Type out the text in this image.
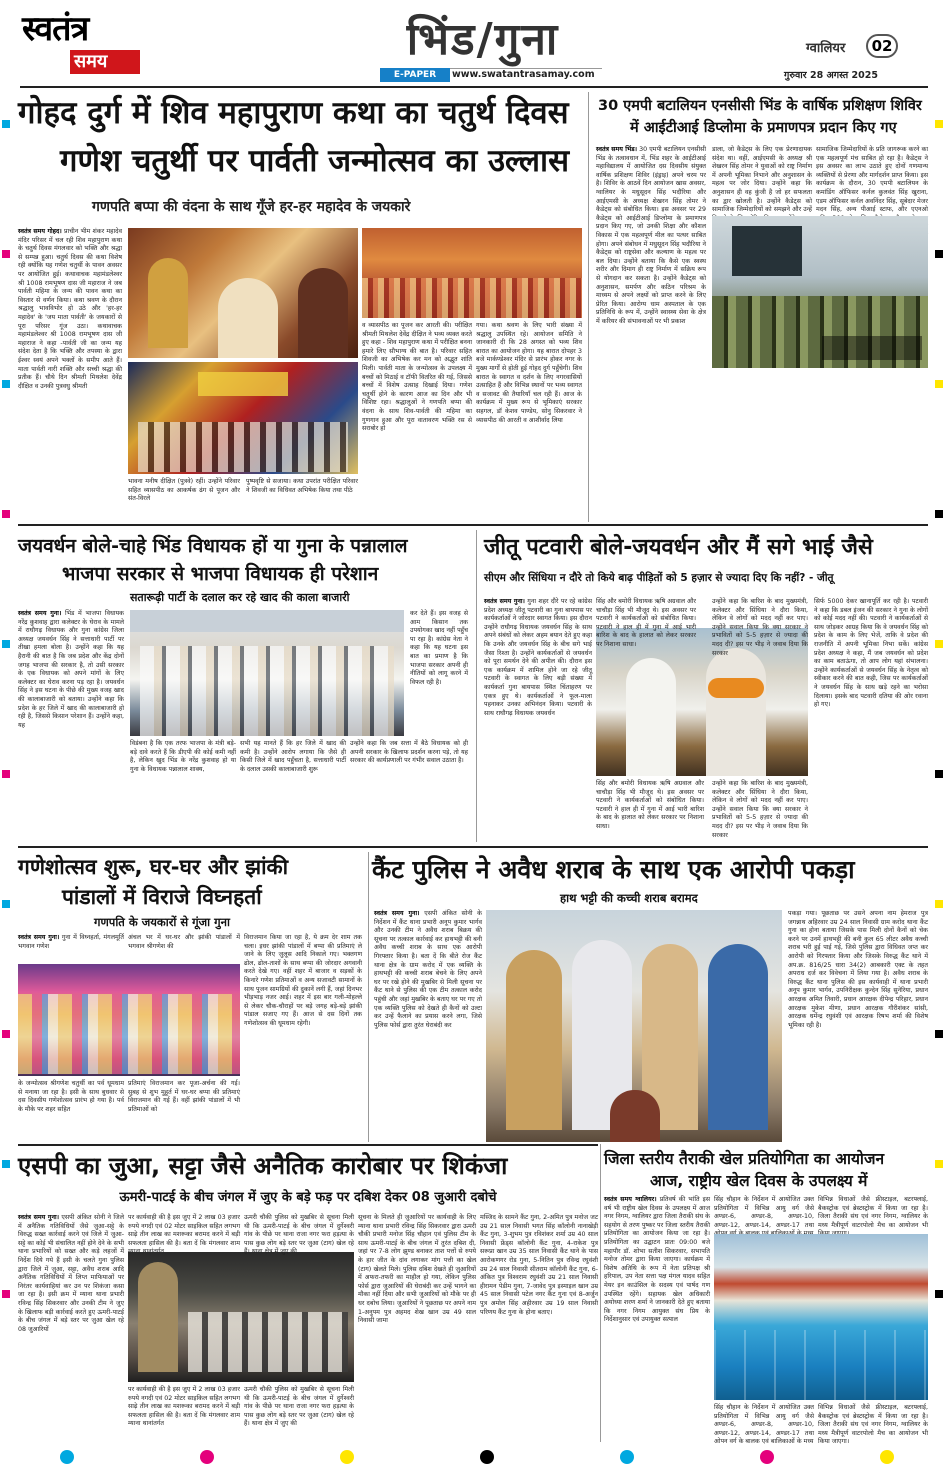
स्वतंत्र
समय	भिंड/गुना
E-PAPER	www.swatantrasamay.com
ग्वालियर	02
गुरुवार 28 अगस्त 2025
गोहद दुर्ग में शिव महापुराण कथा का चतुर्थ दिवस
गणेश चतुर्थी पर पार्वती जन्मोत्सव का उल्लास
गणपति बप्पा की वंदना के साथ गूँजे हर-हर महादेव के जयकारे
स्वतंत्र समय गोहद। प्राचीन भीम शंकर महादेव मंदिर परिसर में चल रही शिव महापुराण कथा के चतुर्थ दिवस मंगलवार को भक्ति और श्रद्धा से सम्पन्न हुआ। चतुर्थ दिवस की कथा विशेष रही क्योंकि यह गणेश चतुर्थी के पावन अवसर पर आयोजित हुई। कथावाचक महामंडलेश्वर श्री 1008 रामभूषण दास जी महाराज ने जब पार्वती महिमा के जन्म की पावन कथा का विस्तार से वर्णन किया। कथा श्रवण के दौरान श्रद्धालु भावविभोर हो उठे और 'हर-हर महादेव' के 'जय माता पार्वती' के जयकारों से पूरा परिसर गूंज उठा। कथावाचक महामंडलेश्वर श्री 1008 रामभूषण दास जी महाराज ने कहा -पार्वती जी का जन्म यह संदेश देता है कि भक्ति और तपस्या के द्वारा ईश्वर स्वयं अपने भक्तों के समीप आते हैं। माता पार्वती नारी शक्ति और सच्ची श्रद्धा की प्रतीक हैं। चौथे दिन श्रीमती मिथलेश देवेंद्र दीक्षित व उनकी पुत्रवधु श्रीमती
भावना मनीष दीक्षित (पुत्रवे) रहीं। उन्होंने परिवार सहित व्यासपीठ का आकर्षक ढंग से पूजन और संत-विरले
पुष्पवृष्टि से सजाया। कथा उपरांत परीक्षित परिवार ने शिवजी का विधिवत अभिषेक किया तथा पीठे
व व्यासपीठ का पूजन कर आरती की। परीक्षित श्रीमती मिथलेश देवेंद्र दीक्षित ने भव्य व्यक्त करते हुए कहा - शिव महापुराण कथा में परीक्षित बनना हमारे लिए सौभाग्य की बात है। परिवार सहित शिवजी का अभिषेक कर मन को अद्भुत शांति मिली। पार्वती माता के जन्मोत्सव के उपलक्ष्य में बच्चों को मिठाई व टॉफी वितरित की गई, जिससे बच्चों में विशेष उत्साह दिखाई दिया। गणेश चतुर्थी होने के कारण आज का दिन और भी विशिष्ट रहा। श्रद्धालुओं ने गणपति बप्पा की वंदना के साथ शिव-पार्वती की महिमा का गुणगान हुआ और पूरा वातावरण भक्ति रस से सराबोर हो
गया। कथा श्रवण के लिए भारी संख्या में श्रद्धालु उपस्थित रहे। आयोजन समिति ने जानकारी दी कि 28 अगस्त को भव्य शिव बारात का आयोजन होगा। यह बारात दोपहर 3 बजे मार्कण्डेश्वर मंदिर से प्रारंभ होकर नगर के मुख्य मार्गों से होती हुई गोहद दुर्ग पहुँचेगी। शिव बारात के स्वागत व दर्शन के लिए नगरवासियों उत्साहित हैं और विभिन्न स्थानों पर भव्य स्वागत व सजावट की तैयारियाँ चल रही हैं। आज के कार्यक्रम में मुख्य रूप से भूमिकाएं सरकार सहगल, डॉ केशव पाण्डेय, सोनु सिकरवार ने व्यासपीठ की आरती व आशीर्वाद लिया
30 एमपी बटालियन एनसीसी भिंड के वार्षिक प्रशिक्षण शिविर
में आईटीआई डिप्लोमा के प्रमाणपत्र प्रदान किए गए
स्वतंत्र समय भिंड। 30 एमपी बटालियन एनसीसी भिंड के तत्वावधान में, भिंड शहर के आईटीआई महाविद्यालय में आयोजित दस दिवसीय संयुक्त वार्षिक प्रशिक्षण शिविर (इंड्राइ) अपने चरम पर है। शिविर के आठवें दिन आयोजन खास अवसर, ग्वालियर के मधुसूदन सिंह भदौरिया और आईएमसी के अध्यक्ष शेखरन सिंह तोमर ने कैडेट्स को संबोधित किया। इस अवसर पर 29 कैडेट्स को आईटीआई डिप्लोमा के प्रमाणपत्र प्रदान किए गए, जो उनकी शिक्षा और कौशल विकास में एक महत्वपूर्ण मील का पत्थर साबित होगा। अपने संबोधन में मधुसूदन सिंह भदौरिया ने कैडेट्स को राष्ट्रसेवा और कल्याण के महत्व पर बल दिया। उन्होंने बताया कि कैसे एक स्वस्थ शरीर और दिमाग ही राष्ट्र निर्माण में सक्रिय रूप से योगदान कर सकता है। उन्होंने कैडेट्स को अनुशासन, समर्पण और कठिन परिश्रम के माध्यम से अपने लक्ष्यों को प्राप्त करने के लिए प्रेरित किया। आरोग्य धाम अस्पताल के एक प्रतिनिधि के रूप में, उन्होंने स्वास्थ्य सेवा के क्षेत्र में करियर की संभावनाओं पर भी प्रकाश
डाला, जो कैडेट्स के लिए एक प्रेरणादायक संदेश था। वहीं, आईएमसी के अध्यक्ष श्री शेखरन सिंह तोमर ने युवाओं को राष्ट्र निर्माण में अपनी भूमिका निभाने और अनुशासन के महत्व पर जोर दिया। उन्होंने कहा कि अनुशासन ही वह कुंजी है जो हर सफलता का द्वार खोलती है। उन्होंने कैडेट्स को सामाजिक जिम्मेदारियों को समझने और उन्हें
सामाजिक जिम्मेदारियों के प्रति जागरूक करने का एक महत्वपूर्ण मंच साबित हो रहा है। कैडेट्स ने इस अवसर का लाभ उठाते हुए दोनों गणमान्य व्यक्तियों से प्रेरणा और मार्गदर्शन प्राप्त किया। इस कार्यक्रम के दौरान, 30 एमपी बटालियन के कमांडिंग ऑफिसर कर्नल कुलवंत सिंह खुराना, एडम ऑफिसर कर्नल अवनिंदर सिंह, सूबेदार मेजर मदन सिंह, अन्य पीआई स्टाफ, और एएनओ
जयवर्धन बोले-चाहे भिंड विधायक हों या गुना के पन्नालाल
भाजपा सरकार से भाजपा विधायक ही परेशान
सतारूढ़ी पार्टी के दलाल कर रहे खाद की काला बाजारी
स्वतंत्र समय गुना। भिंड में भाजपा विधायक नरेंद्र कुशवाह द्वारा कलेक्टर के घेराव के मामले में राघौगढ़ विधायक और गुना कांग्रेस जिला अध्यक्ष जयवर्धन सिंह ने सत्ताधारी पार्टी पर तीखा हमला बोला है। उन्होंने कहा कि यह हैरानी की बात है कि जब प्रदेश और केंद्र दोनों जगह भाजपा की सरकार है, तो उसी सरकार के एक विधायक को अपने मांगों के लिए कलेक्टर का घेराव करना पड़ रहा है। जयवर्धन सिंह ने इस घटना के पीछे की मुख्य वजह खाद की कालाबाजारी को बताया। उन्होंने कहा कि प्रदेश के हर जिले में खाद की कालाबाजारी हो रही है, जिससे किसान परेशान हैं। उन्होंने कहा, यह
विडंबना है कि एक तरफ भाजपा के मंत्री बड़े-बड़े दावे करते हैं कि डीएपी की कोई कमी नहीं है, लेकिन खुद भिंड के नरेंद्र कुशवाह हो या गुना के विधायक पन्नालाल शाक्य,
सभी यह मानते हैं कि हर जिले में खाद की कमी है। उन्होंने आरोप लगाया कि जैसे ही किसी जिले में खाद पहुँचता है, सत्ताधारी पार्टी के दलाल उसकी कालाबाजारी शुरू
उन्होंने कहा कि जब सत्ता में बैठे विधायक को ही अपनी सरकार के खिलाफ प्रदर्शन करना पड़े, तो यह सरकार की कार्यप्रणाली पर गंभीर सवाल उठाता है।
कर देते हैं। इस वजह से आम किसान तक उपयोगका खाद नहीं पहुँच पा रहा है। कांग्रेस नेता ने कहा कि यह घटना इस बात का प्रमाण है कि भाजपा सरकार अपनी ही नीतियों को लागू करने में विफल रही है।
जीतू पटवारी बोले-जयवर्धन और मैं सगे भाई जैसे
सीएम और सिंधिया न दौरे तो किये बाढ़ पीड़ितों को 5 हज़ार से ज्यादा दिए कि नहीं? - जीतू
स्वतंत्र समय गुना। गुना शहर दौरे पर रहे कांग्रेस प्रदेश अध्यक्ष जीतू पटवारी का गुना बायपास पर कार्यकर्ताओं ने जोरदार स्वागत किया। इस दौरान उन्होंने राघौगढ़ विधायक जयवर्धन सिंह के साथ अपने संबंधों को लेकर अहम बयान देते हुए कहा कि उनके और जयवर्धन सिंह के बीच सगे भाई जैसा रिश्ता है। उन्होंने कार्यकर्ताओं से जयवर्धन को पूरा समर्थन देने की अपील की। दौरान इस एक कार्यक्रम में शामिल होने जा रहे जीतू पटवारी के स्वागत के लिए बड़ी संख्या में कार्यकर्ता गुना बायपास स्थित चिंताहरण पर एकत्र हुए थे। कार्यकर्ताओं ने फूल-माला पहनाकर उनका अभिनंदन किया। पटवारी के साथ राघौगढ़ विधायक जयवर्धन
सिंह और बमोरी विधायक ऋषि अग्रवाल और चाचौड़ा सिंह भी मौजूद थे। इस अवसर पर पटवारी ने कार्यकर्ताओं को संबोधित किया। पटवारी ने हाल ही में गुना में आई भारी बारिश के बाद के हालात को लेकर सरकार पर निशाना साधा।
उन्होंने कहा कि बारिश के बाद मुख्यमंत्री, कलेक्टर और सिंधिया ने दौरा किया, लेकिन वे लोगों को मदद नहीं कर पाए। उन्होंने सवाल किया कि क्या सरकार ने प्रभावितों को 5-5 हज़ार से ज्यादा की मदद दी? इस पर भीड़ ने जवाब दिया कि सरकार
सिंह और बमोरी विधायक ऋषि अग्रवाल और चाचौड़ा सिंह भी मौजूद थे। इस अवसर पर पटवारी ने कार्यकर्ताओं को संबोधित किया। पटवारी ने हाल ही में गुना में आई भारी बारिश के बाद के हालात को लेकर सरकार पर निशाना साधा।
उन्होंने कहा कि बारिश के बाद मुख्यमंत्री, कलेक्टर और सिंधिया ने दौरा किया, लेकिन वे लोगों को मदद नहीं कर पाए। उन्होंने सवाल किया कि क्या सरकार ने प्रभावितों को 5-5 हज़ार से ज्यादा की मदद दी? इस पर भीड़ ने जवाब दिया कि सरकार
सिर्फ 5000 देकर खानापूर्ति कर रही है। पटवारी ने कहा कि डबल इंजन की सरकार ने गुना के लोगों को कोई मदद नहीं की। पटवारी ने कार्यकर्ताओं से साथ जोड़कर आग्रह किया कि वे जयवर्धन सिंह को प्रदेश के काम के लिए भेजें, ताकि वे प्रदेश की राजनीति में अपनी भूमिका निभा सकें। कांग्रेस प्रदेश अध्यक्ष ने कहा, मैं जब जयवर्धन को प्रदेश का काम बताऊंगा, तो आप लोग यहां संभालना। उन्होंने कार्यकर्ताओं से जयवर्धन सिंह के नेतृत्व को स्वीकार करने की बात कही, जिस पर कार्यकर्ताओं ने जयवर्धन सिंह के साथ खड़े रहने का भरोसा दिलाया। इसके बाद पटवारी दतिया की ओर रवाना हो गए।
गणेशोत्सव शुरू, घर-घर और झांकी
पांडालों में विराजे विघ्नहर्ता
गणपति के जयकारों से गूंजा गुना
स्वतंत्र समय गुना। गुना में विघ्नहर्ता, मंगलमूर्ति भगवान गणेश
अंचल भर में घर-घर और झांकी पांडालों में भगवान श्रीगणेश की
विराजमान किया जा रहा है, ये क्रम देर शाम तक चला। इधर झांकी पांडालों में बप्पा की प्रतिमाएं ले जाने के लिए जुलूस आदि निकाले गए। भक्तगण ढोल, ढोल-ताशों के साथ बप्पा की जोरदार अगवानी करते देखे गए। वहीं शहर में बाजार व सड़कों के किनारे गणेश प्रतिमाओं व अन्य सजावटी सामानों के साथ पूजन सामग्रियों की दुकानें लगी हैं, जहां दिनभर भीड़भाड़ नजर आई। शहर में इस बार गली-मोहल्ले से लेकर चौक-चौराहों पर बड़े जगह बड़े-बड़े झांकी पांडाल सजाए गए हैं। आज से दस दिनों तक गणेशोत्सव की धूमधाम रहेगी।
के जन्मोत्सव श्रीगणेश चतुर्थी का पर्व धूमधाम से मनाया जा रहा है। इसी के साथ बुधवार से दस दिवसीय गणेशोत्सव प्रारंभ हो गया है। पर्व के मौके पर शहर सहित
प्रतिमाएं विराजमान कर पूजा-अर्चना की गई। सुबह से शुभ मुहूर्त में घर-घर बप्पा की प्रतिमाएं विराजमान की गई हैं। वहीं झांकी पांडालों में भी प्रतिमाओं को
कैंट पुलिस ने अवैध शराब के साथ एक आरोपी पकड़ा
हाथ भट्टी की कच्ची शराब बरामद
स्वतंत्र समय गुना। एसपी अंकित सोनी के निर्देशन में कैंट थाना प्रभारी अनूप कुमार भार्गव और उनकी टीम ने अवैध शराब बिक्रय की सूचना पर तत्काल कार्रवाई कर हाथभट्टी की बनी अवैध कच्ची शराब के साथ एक आरोपी गिरफ्तार किया है। बता दें कि बीते रोज कैंट थाना क्षेत्र के ग्राम करोद में एक व्यक्ति के हाथभट्टी की कच्ची शराब बेचने के लिए अपने घर पर रखे होने की मुखबिर से मिली सूचना पर कैंट थाने से पुलिस की एक टीम तत्काल करोद पहुंची और जहां मुखबिर के बताए घर पर गए तो एक व्यक्ति पुलिस को देखते ही कैनों को उल्टा कर उन्हें फैलाने का प्रयास करने लगा, जिसे पुलिस फोर्स द्वारा तुरंत घेराबंदी कर
पकड़ा गया। पूछताछ पर उसने अपना नाम हेमराज पुत्र जगन्नाथ अहिरवार उम्र 24 साल निवासी ग्राम करोद थाना कैंट गुना का होना बताया जिसके पास मिली दोनों कैनों को चेक करने पर उनमें हाथभट्टी की बनी कुल 65 लीटर अवैध कच्ची शराब भरी हुई पाई गई, जिसे पुलिस द्वारा विधिवत जप्त कर आरोपी को गिरफ्तार किया और जिसके विरुद्ध कैंट थाने में अप.क्र. 816/25 धारा 34(2) आबकारी एक्ट के तहत अपराध दर्ज कर विवेचना में लिया गया है। अवैध शराब के विरुद्ध कैंट थाना पुलिस की इस कार्यवाही में थाना प्रभारी अनूप कुमार भार्गव, उपनिरीक्षक कुन्देन सिंह सुनेरिया, प्रधान आरक्षक अमित तिवारी, प्रधान आरक्षक दीपेन्द्र परिहार, प्रधान आरक्षक मुकेश मीणा, प्रधान आरक्षक गौरीशंकर सांसी, आरक्षक धर्मेन्द्र रघुवंशी एवं आरक्षक रिषभ शर्मा की विशेष भूमिका रही है।
एसपी का जुआ, सट्टा जैसे अनैतिक कारोबार पर शिकंजा
ऊमरी-पाटई के बीच जंगल में जुए के बड़े फड़ पर दबिश देकर 08 जुआरी दबोचे
स्वतंत्र समय गुना। एसपी अंकित सोनी ने जिले में अनैतिक गतिविधियों जैसे जुआ-सट्टे के विरुद्ध सख्त कार्रवाई करने एवं जिले में जुआ-सट्टे का कोई भी संचालित नहीं होने देने के सभी थाना प्रभारियों को सख्त और कड़े लहजों में निर्देश दिये गये हैं इसी के चलते गुना पुलिस द्वारा जिले में जुआ, सट्टा, अवैध शराब आदि अनैतिक गतिविधियों में लिप्त माफियाओं पर निरंतर कार्यवाहियां कर उन पर शिकंजा कसा जा रहा है। इसी क्रम में म्याना थाना प्रभारी रविन्द्र सिंह सिकरवार और उनकी टीम ने जुए के खिलाफ बड़ी कार्रवाई करते हुए ऊमरी-पाटई के बीच जंगल में बड़े स्तर पर जुआ खेल रहे 08 जुआरियों
पर कार्यवाही की है इस जुए में 2 लाख 03 हजार रुपये नगदी एवं 02 मोटर साइकिल सहित लगभग साढ़े तीन लाख का मशरूका बरामद करने में बड़ी सफलता हासिल की है। बता दें कि मंगलवार शाम
पर कार्यवाही की है इस जुए में 2 लाख 03 हजार रुपये नगदी एवं 02 मोटर साइकिल सहित लगभग साढ़े तीन लाख का मशरूका बरामद करने में बड़ी सफलता हासिल की है। बता दें कि मंगलवार शाम म्याना थानांतर्गत
ऊमरी चौकी पुलिस को मुखबिर से सूचना मिली थी कि ऊमरी-पाटई के बीच जंगल में दुर्गेश्वरी गांव के पीछे पर थाना राजा नगर फरा हड़त्या के पास कुछ लोग बड़े स्तर पर जुआ (टाग) खेल रहे हैं। थाना क्षेत्र में जुए की
ऊमरी चौकी पुलिस को मुखबिर से सूचना मिली थी कि ऊमरी-पाटई के बीच जंगल में दुर्गेश्वरी गांव के पीछे पर थाना राजा नगर फरा हड़त्या के पास कुछ लोग बड़े स्तर पर जुआ (टाग) खेल रहे हैं। थाना क्षेत्र में जुए की
सूचना के मिलते ही जुआरियों पर कार्यवाही के लिए म्याना थाना प्रभारी रविन्द्र सिंह सिकरवार द्वारा ऊमरी चौकी प्रभारी मनोज सिंह चौहान एवं पुलिस टीम के साथ ऊमरी-पाटई के बीच जंगल में तुरंत दबिश दी, जहां पर 7-8 लोग झुण्ड बनाकर ताश पत्तों से रुपये के हार जीत के दांव लगाकर मांग पत्ती का खेल (टाग) खेलते मिले। पुलिस दबिश देखते ही जुआरियों में अफरा-तफरी का माहौल हो गया, लेकिन पुलिस फोर्स द्वारा जुआरियों की घेराबंदी कर उन्हें भागने का मौका नहीं दिया और सभी जुआरियों को मौके पर ही धर दबोच लिया। जुआरियों ने पूछताछ पर अपने नाम 1-अनुपम पुत्र अहमद शेख खान उम्र 49 साल निवासी जामा
मस्जिद के सामने कैंट गुना, 2-अमित पुत्र मनोज जट उम्र 21 साल निवासी भगत सिंह कॉलोनी नानाखेड़ी कैंट गुना, 3-शुभम पुत्र रविशंकर शर्मा उम्र 40 साल निवासी फ्रेंड्स कॉलोनी कैंट गुना, 4-राकेश पुत्र सरूप्रा खान उम्र 35 साल निवासी कैंट थाने के पास आरोकणगर रोड गुना, 5-नितिन पुत्र रविन्द्र रघुवंशी उम्र 24 साल निवासी सीतराम कॉलोनी कैंट गुना, 6-अंकित पुत्र विश्वराम रघुवंशी उम्र 21 साल निवासी हीरामन पेडीम गुना, 7-जावेद पुत्र इस्माइल खान उम्र 45 साल निवासी पटेल नगर कैंट गुना एवं 8-अर्जुन पुत्र अमोल सिंह अहीरवार उम्र 19 साल निवासी परिणय कैंट गुना के होना बताए।
जिला स्तरीय तैराकी खेल प्रतियोगिता का आयोजन
आज, राष्ट्रीय खेल दिवस के उपलक्ष्य में
स्वतंत्र समय ग्वालियर। प्रतिवर्ष की भांति इस वर्ष भी राष्ट्रीय खेल दिवस के उपलक्ष्य में आज नगर निगम, ग्वालियर द्वारा जिला तैराकी संघ के सहयोग से तरण पुष्कर पर जिला स्तरीय तैराकी प्रतियोगिता का आयोजन किया जा रहा है। प्रतियोगिता का उद्घाटन प्रातः 09:00 बजे महापौर डॉ. शोभा सतीश सिकरवार, सभापति मनोज तोमर द्वारा किया जाएगा। कार्यक्रम में विशेष अतिथि के रूप में नेता प्रतिपक्ष श्री हरिपाल, उप नेता सत्ता पक्ष मंगल यादव सहित मेयर इन काउंसिल के सदस्य एवं पार्षद गण उपस्थित रहेंगे। सहायक खेल अधिकारी अयोध्या शरण शर्मा ने जानकारी देते हुए बताया कि नगर निगम आयुक्त संघ प्रिय के निर्देशानुसार एवं उपायुक्त सत्पाल
सिंह चौहान के निर्देशन में आयोजित उक्त प्रतियोगिता में विभिन्न आयु वर्ग जैसे अण्डर-6, अण्डर-8, अण्डर-10, अण्डर-12, अण्डर-14, अण्डर-17 तथा
विभिन्न विधाओं जैसे फ्रीस्टाइल, बटरफ्लाई, बैकस्ट्रोक एवं ब्रेस्टस्ट्रोक में किया जा रहा है। जिला तैराकी संघ एवं नगर निगम, ग्वालियर के मध्य मैत्रीपूर्ण वाटरपोलो मैच का आयोजन भी
सिंह चौहान के निर्देशन में आयोजित उक्त प्रतियोगिता में विभिन्न आयु वर्ग जैसे अण्डर-6, अण्डर-8, अण्डर-10, अण्डर-12, अण्डर-14, अण्डर-17 तथा ओपन वर्ग के बालक एवं बालिकाओं के मध्य
विभिन्न विधाओं जैसे फ्रीस्टाइल, बटरफ्लाई, बैकस्ट्रोक एवं ब्रेस्टस्ट्रोक में किया जा रहा है। जिला तैराकी संघ एवं नगर निगम, ग्वालियर के मध्य मैत्रीपूर्ण वाटरपोलो मैच का आयोजन भी किया जाएगा।
